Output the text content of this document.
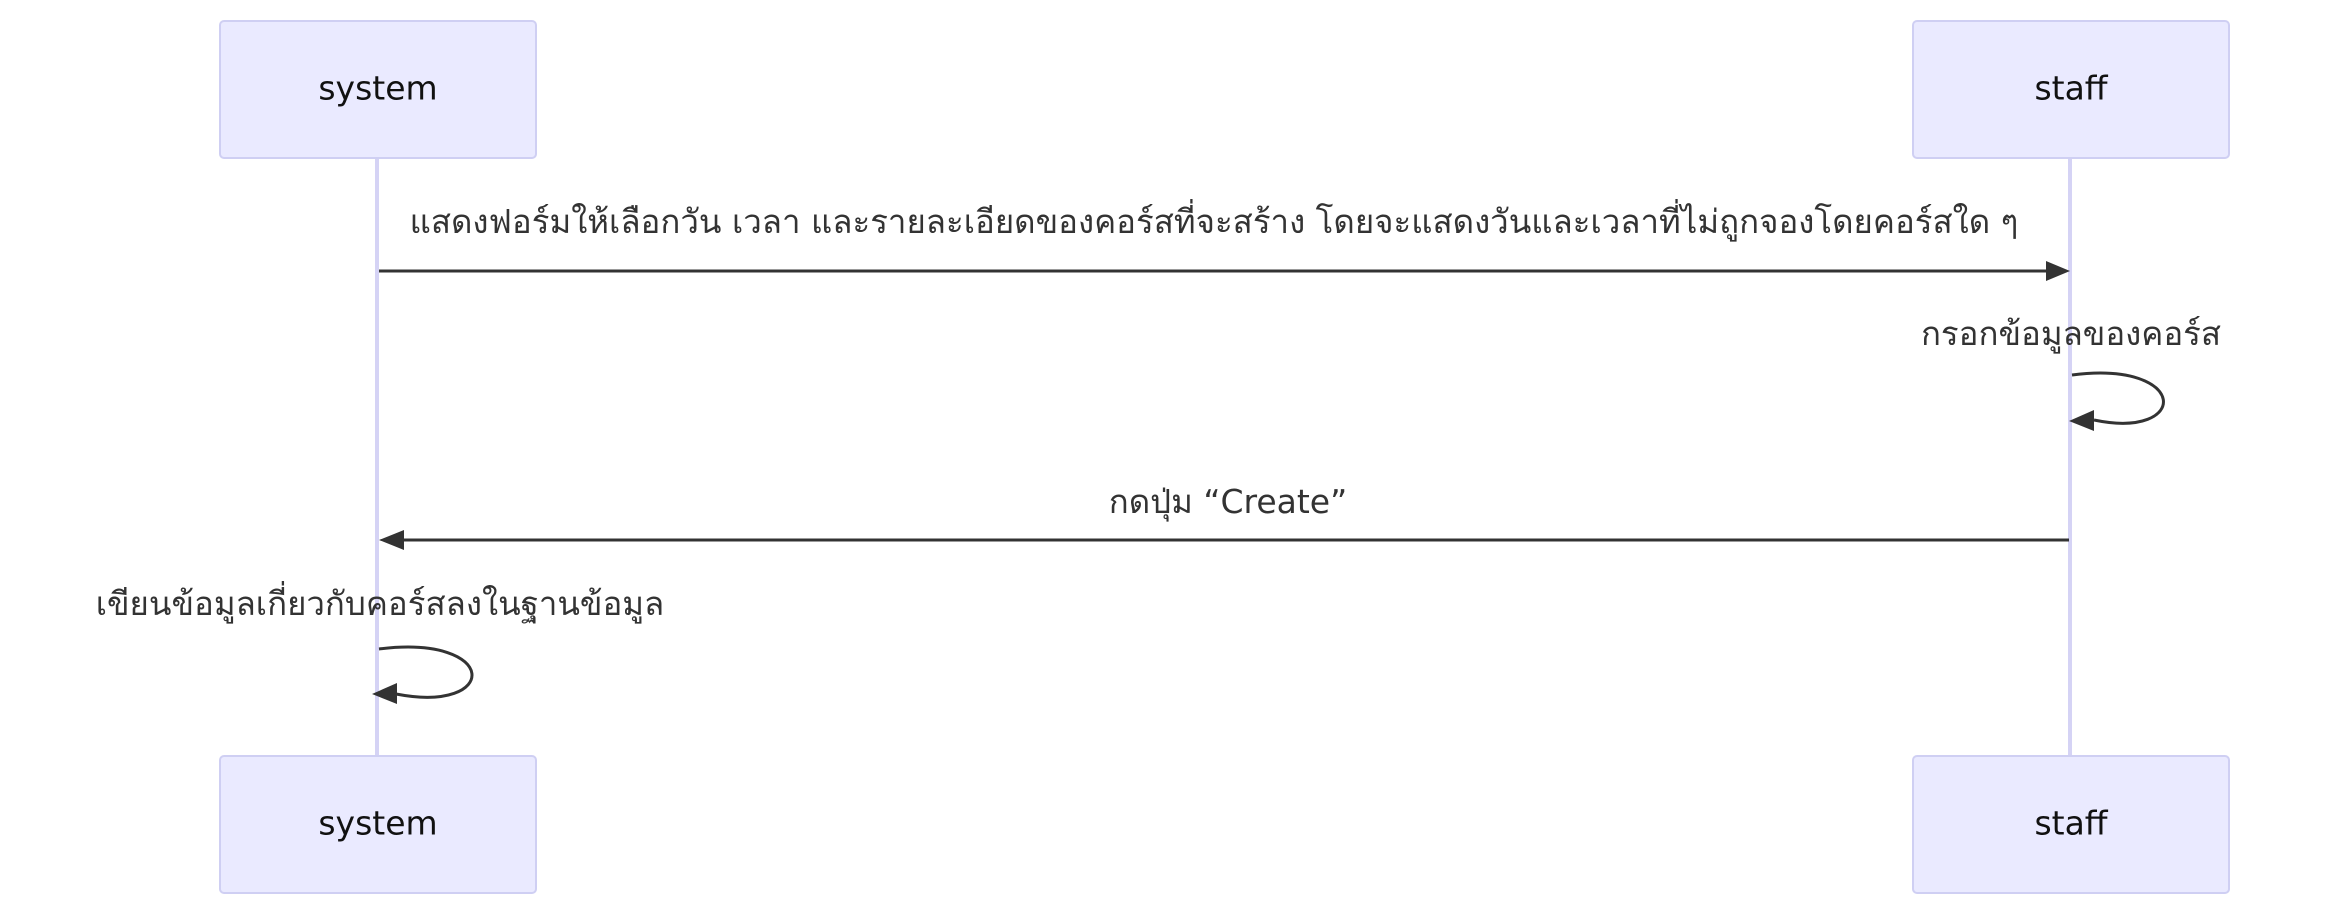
system	staff
แสดงฟอร์มให้เลือกวัน เวลา และรายละเอียดของคอร์สที่จะสร้าง โดยจะแสดงวันและเวลาที่ไม่ถูกจองโดยคอร์สใด ๆ
กรอกข้อมูลของคอร์ส
กดปุ่ม “Create”
เขียนข้อมูลเกี่ยวกับคอร์สลงในฐานข้อมูล
system	staff
